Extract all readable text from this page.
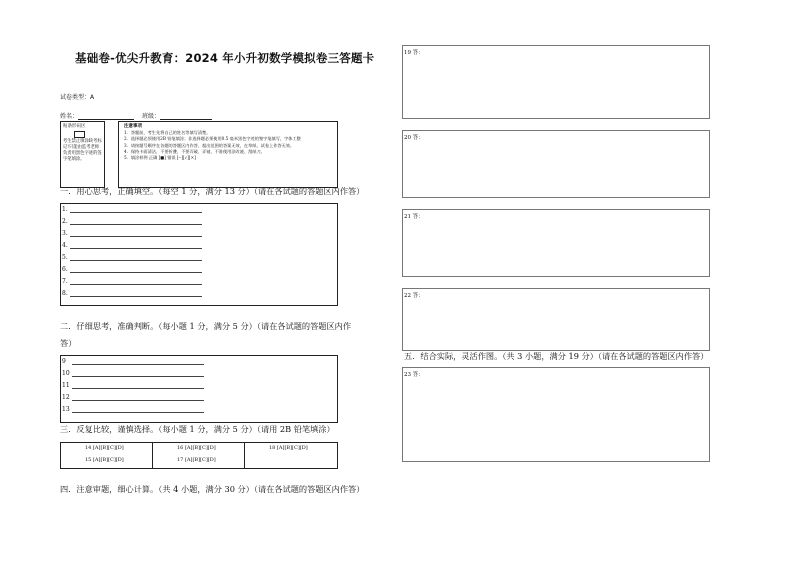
基础卷-优尖升教育：2024 年小升初数学模拟卷三答题卡
试卷类型：A
姓名：	班级：
贴条形码区
考生禁止填涂缺考标记!只能由监考老师负责用黑色字迹的签字笔填涂。
注意事项
1．答题前，考生先将自己的姓名等填写清楚。
2．选择题必须使用2B 铅笔填涂；非选择题必须使用0.5 毫米黑色字迹的签字笔填写，字体工整
3．请按题号顺序在各题的答题区内作答，超出范围的答案无效，在草纸、试卷上作答无效。
4．保持卡面清洁，不要折叠，不要弄破、弄皱，不准使用涂改液、刮纸刀。
5．填涂样例 正确 [■] 错误 [--][√][×]
一．用心思考，正确填空。（每空 1 分，满分 13 分）（请在各试题的答题区内作答）
1.
2.
3.
4.
5.
6.
7.
8.
二．仔细思考，准确判断。（每小题 1 分，满分 5 分）（请在各试题的答题区内作
答）
9
10
11
12
13
三．反复比较，谨慎选择。（每小题 1 分，满分 5 分）（请用 2B 铅笔填涂）
14 [A][B][C][D]
15 [A][B][C][D]
16 [A][B][C][D]
17 [A][B][C][D]
18 [A][B][C][D]
四．注意审题，细心计算。（共 4 小题，满分 30 分）（请在各试题的答题区内作答）
19 答：
20 答：
21 答：
22 答：
五．结合实际，灵活作图。（共 3 小题，满分 19 分）（请在各试题的答题区内作答）
23 答：
